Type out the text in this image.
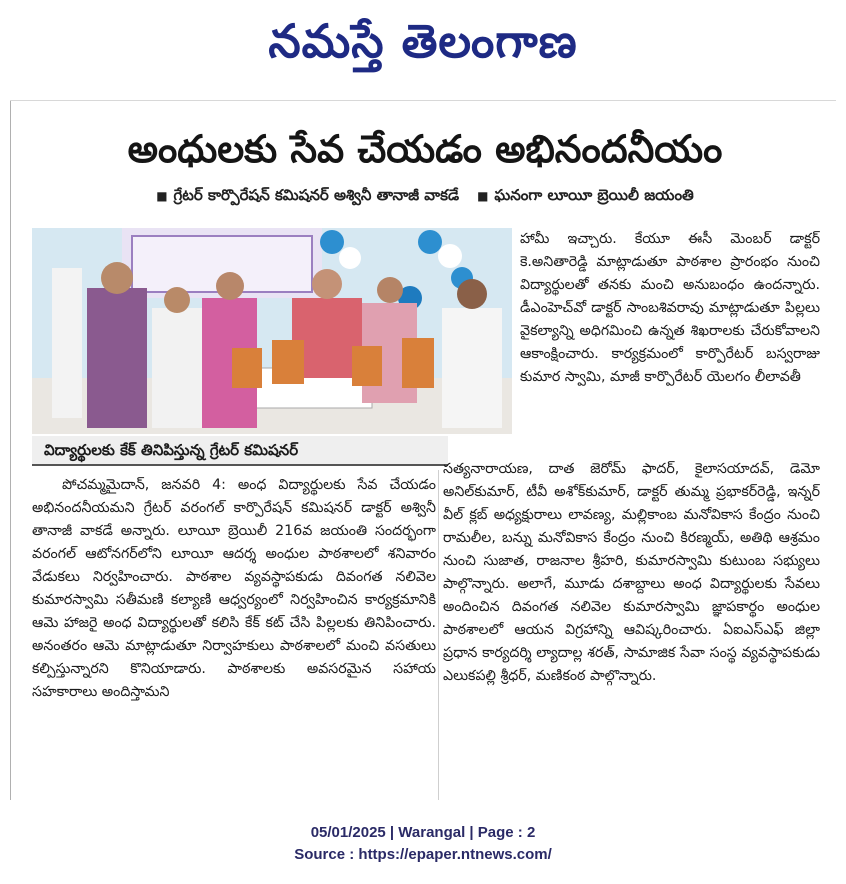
నమస్తే తెలంగాణ
అంధులకు సేవ చేయడం అభినందనీయం
■ గ్రేటర్ కార్పొరేషన్ కమిషనర్ అశ్వినీ తానాజీ వాకడే ■ ఘనంగా లూయీ బ్రెయిలీ జయంతి
విద్యార్థులకు కేక్ తినిపిస్తున్న గ్రేటర్ కమిషనర్

హామీ ఇచ్చారు. కేయూ ఈసీ మెంబర్ డాక్టర్ కె.అనితారెడ్డి మాట్లాడుతూ పాఠశాల ప్రారంభం నుంచి విద్యార్థులతో తనకు మంచి అనుబంధం ఉందన్నారు. డీఎంహెచ్‌వో డాక్టర్ సాంబశివరావు మాట్లాడుతూ పిల్లలు వైకల్యాన్ని అధిగమించి ఉన్నత శిఖరాలకు చేరుకోవాలని ఆకాంక్షించారు. కార్యక్రమంలో కార్పొరేటర్ బస్వరాజు కుమార స్వామి, మాజీ కార్పొరేటర్ యెలగం లీలావతీ

సత్యనారాయణ, దాత జెరోమ్ ఫాదర్, కైలాసయాదవ్, డెమో అనిల్‌కుమార్, టీవీ అశోక్‌కుమార్, డాక్టర్ తుమ్మ ప్రభాకర్‌రెడ్డి, ఇన్నర్ వీల్ క్లబ్ అధ్యక్షురాలు లావణ్య, మల్లికాంబ మనోవికాస కేంద్రం నుంచి రామలీల, బన్ను మనోవికాస కేంద్రం నుంచి కిరణ్మయ్, అతిథి ఆశ్రమం నుంచి సుజాత, రాజనాల శ్రీహరి, కుమారస్వామి కుటుంబ సభ్యులు పాల్గొన్నారు. అలాగే, మూడు దశాబ్దాలు అంధ విద్యార్థులకు సేవలు అందించిన దివంగత నలివెల కుమారస్వామి జ్ఞాపకార్థం అంధుల పాఠశాలలో ఆయన విగ్రహాన్ని ఆవిష్కరించారు. ఏఐఎస్ఎఫ్ జిల్లా ప్రధాన కార్యదర్శి ల్యాదాల్ల శరత్, సామాజిక సేవా సంస్థ వ్యవస్థాపకుడు ఎలుకపల్లి శ్రీధర్, మణికంఠ పాల్గొన్నారు.

పోచమ్మమైదాన్, జనవరి 4: అంధ విద్యార్థులకు సేవ చేయడం అభినందనీయమని గ్రేటర్ వరంగల్ కార్పొరేషన్ కమిషనర్ డాక్టర్ అశ్వినీ తానాజీ వాకడే అన్నారు. లూయీ బ్రెయిలీ 216వ జయంతి సందర్భంగా వరంగల్ ఆటోనగర్‌లోని లూయీ ఆదర్శ అంధుల పాఠశాలలో శనివారం వేడుకలు నిర్వహించారు. పాఠశాల వ్యవస్థాపకుడు దివంగత నలివెల కుమారస్వామి సతీమణి కల్యాణి ఆధ్వర్యంలో నిర్వహించిన కార్యక్రమానికి ఆమె హాజరై అంధ విద్యార్థులతో కలిసి కేక్ కట్ చేసి పిల్లలకు తినిపించారు. అనంతరం ఆమె మాట్లాడుతూ నిర్వాహకులు పాఠశాలలో మంచి వసతులు కల్పిస్తున్నారని కొనియాడారు. పాఠశాలకు అవసరమైన సహాయ సహకారాలు అందిస్తామని

05/01/2025 | Warangal | Page : 2
Source : https://epaper.ntnews.com/
